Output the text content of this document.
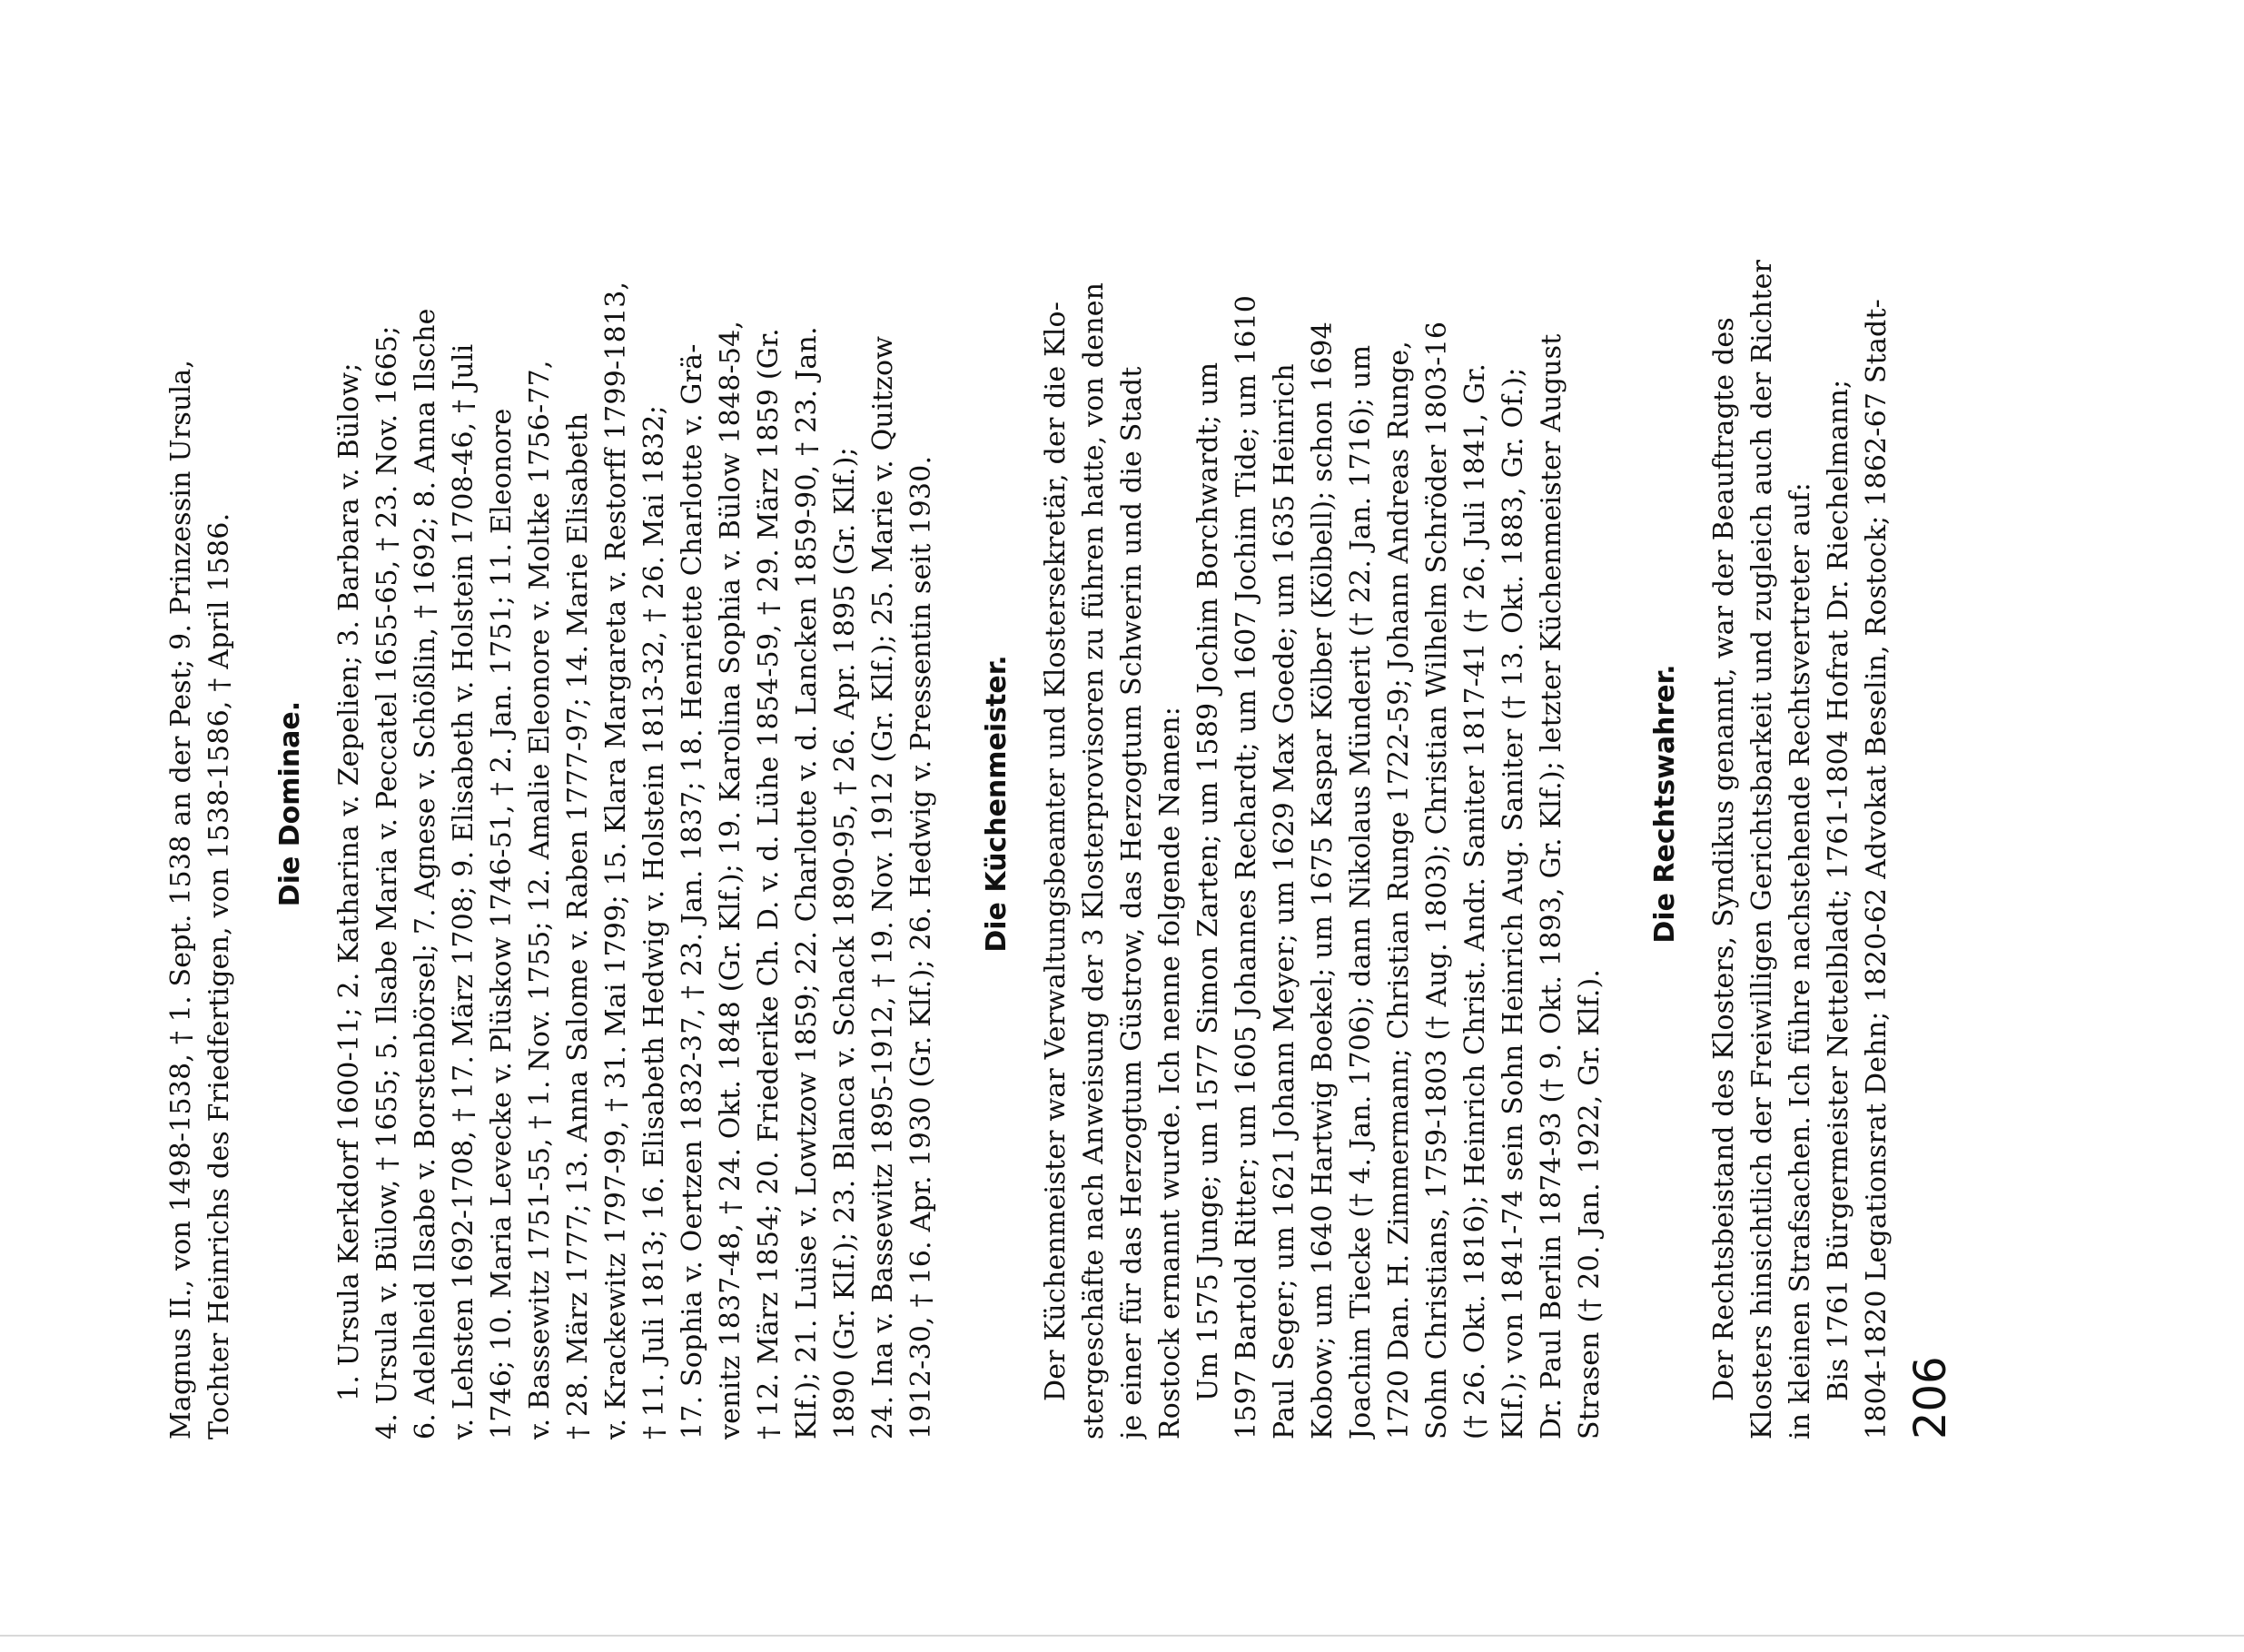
Magnus II., von 1498-1538, † 1. Sept. 1538 an der Pest; 9. Prinzessin Ursula, Tochter Heinrichs des Friedfertigen, von 1538-1586, † April 1586. Die Dominae. 1. Ursula Kerkdorf 1600-11; 2. Katharina v. Zepelien; 3. Barbara v. Bülow; 4. Ursula v. Bülow, † 1655; 5. Ilsabe Maria v. Peccatel 1655-65, † 23. Nov. 1665; 6. Adelheid Ilsabe v. Borstenbörsel; 7. Agnese v. Schößlin, † 1692; 8. Anna Ilsche v. Lehsten 1692-1708, † 17. März 1708; 9. Elisabeth v. Holstein 1708-46, † Juli 1746; 10. Maria Levecke v. Plüskow 1746-51, † 2. Jan. 1751; 11. Eleonore v. Bassewitz 1751-55, † 1. Nov. 1755; 12. Amalie Eleonore v. Moltke 1756-77, † 28. März 1777; 13. Anna Salome v. Raben 1777-97; 14. Marie Elisabeth v. Krackewitz 1797-99, † 31. Mai 1799; 15. Klara Margareta v. Restorff 1799-1813, † 11. Juli 1813; 16. Elisabeth Hedwig v. Holstein 1813-32, † 26. Mai 1832; 17. Sophia v. Oertzen 1832-37, † 23. Jan. 1837; 18. Henriette Charlotte v. Grä- venitz 1837-48, † 24. Okt. 1848 (Gr. Klf.); 19. Karolina Sophia v. Bülow 1848-54, † 12. März 1854; 20. Friederike Ch. D. v. d. Lühe 1854-59, † 29. März 1859 (Gr. Klf.); 21. Luise v. Lowtzow 1859; 22. Charlotte v. d. Lancken 1859-90, † 23. Jan. 1890 (Gr. Klf.); 23. Blanca v. Schack 1890-95, † 26. Apr. 1895 (Gr. Klf.); 24. Ina v. Bassewitz 1895-1912, † 19. Nov. 1912 (Gr. Klf.); 25. Marie v. Quitzow 1912-30, † 16. Apr. 1930 (Gr. Klf.); 26. Hedwig v. Pressentin seit 1930. Die Küchenmeister. Der Küchenmeister war Verwaltungsbeamter und Klostersekretär, der die Klo- stergeschäfte nach Anweisung der 3 Klosterprovisoren zu führen hatte, von denen je einer für das Herzogtum Güstrow, das Herzogtum Schwerin und die Stadt Rostock ernannt wurde. Ich nenne folgende Namen: Um 1575 Junge; um 1577 Simon Zarten; um 1589 Jochim Borchwardt; um 1597 Bartold Ritter; um 1605 Johannes Rechardt; um 1607 Jochim Tide; um 1610 Paul Seger; um 1621 Johann Meyer; um 1629 Max Goede; um 1635 Heinrich Kobow; um 1640 Hartwig Boekel; um 1675 Kaspar Kölber (Kölbell); schon 1694 Joachim Tiecke († 4. Jan. 1706); dann Nikolaus Münderit († 22. Jan. 1716); um 1720 Dan. H. Zimmermann; Christian Runge 1722-59; Johann Andreas Runge, Sohn Christians, 1759-1803 († Aug. 1803); Christian Wilhelm Schröder 1803-16 († 26. Okt. 1816); Heinrich Christ. Andr. Saniter 1817-41 († 26. Juli 1841, Gr. Klf.); von 1841-74 sein Sohn Heinrich Aug. Saniter († 13. Okt. 1883, Gr. Of.); Dr. Paul Berlin 1874-93 († 9. Okt. 1893, Gr. Klf.); letzter Küchenmeister August Strasen († 20. Jan. 1922, Gr. Klf.).
Die Rechtswahrer. Der Rechtsbeistand des Klosters, Syndikus genannt, war der Beauftragte des Klosters hinsichtlich der Freiwilligen Gerichtsbarkeit und zugleich auch der Richter in kleinen Strafsachen. Ich führe nachstehende Rechtsvertreter auf: Bis 1761 Bürgermeister Nettelbladt; 1761-1804 Hofrat Dr. Riechelmann; 1804-1820 Legationsrat Dehn; 1820-62 Advokat Beselin, Rostock; 1862-67 Stadt- 206
